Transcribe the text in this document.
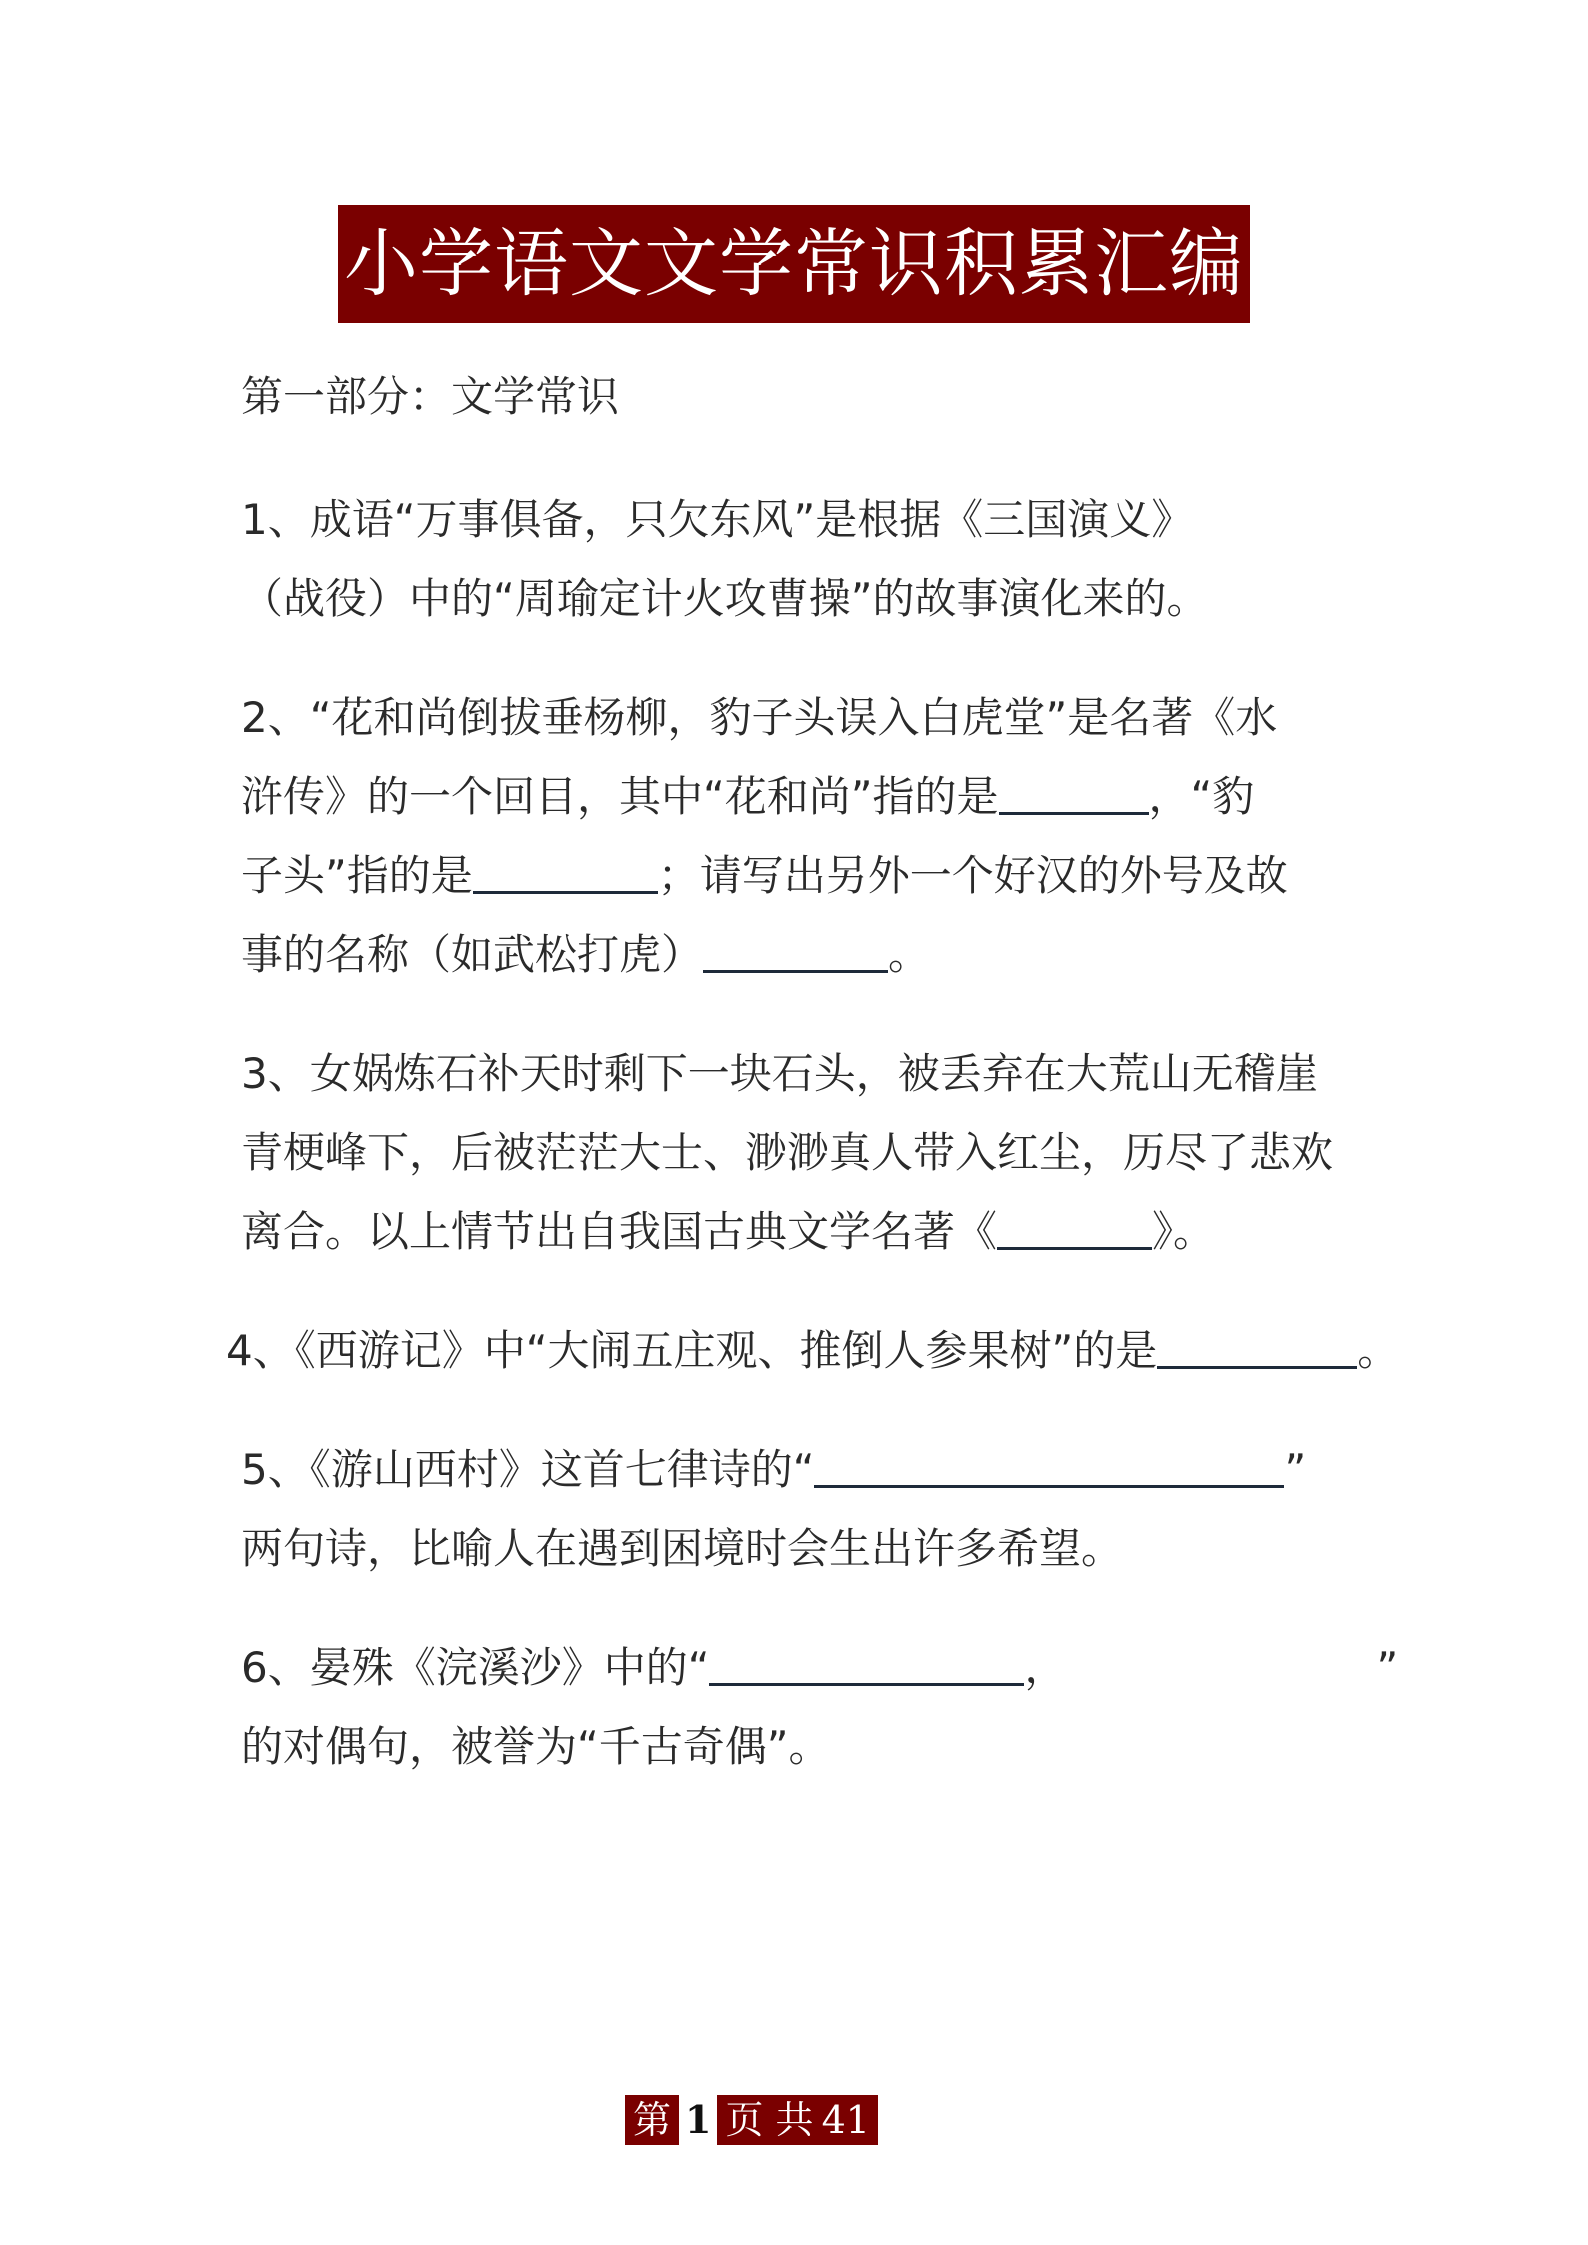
小学语文文学常识积累汇编
第一部分：文学常识
1、成语“万事俱备，只欠东风”是根据《三国演义》
（战役）中的“周瑜定计火攻曹操”的故事演化来的。
2、“花和尚倒拔垂杨柳，豹子头误入白虎堂”是名著《水
浒传》的一个回目，其中“花和尚”指的是	，“豹
子头”指的是	；请写出另外一个好汉的外号及故
事的名称（如武松打虎）	。
3、女娲炼石补天时剩下一块石头，被丢弃在大荒山无稽崖
青梗峰下，后被茫茫大士、渺渺真人带入红尘，历尽了悲欢
离合。以上情节出自我国古典文学名著《	》。
4、《西游记》中“大闹五庄观、推倒人参果树”的是	。
5、《游山西村》这首七律诗的“	”
两句诗，比喻人在遇到困境时会生出许多希望。
6、晏殊《浣溪沙》中的“	，	”
的对偶句，被誉为“千古奇偶”。
第 1 页 共 41
